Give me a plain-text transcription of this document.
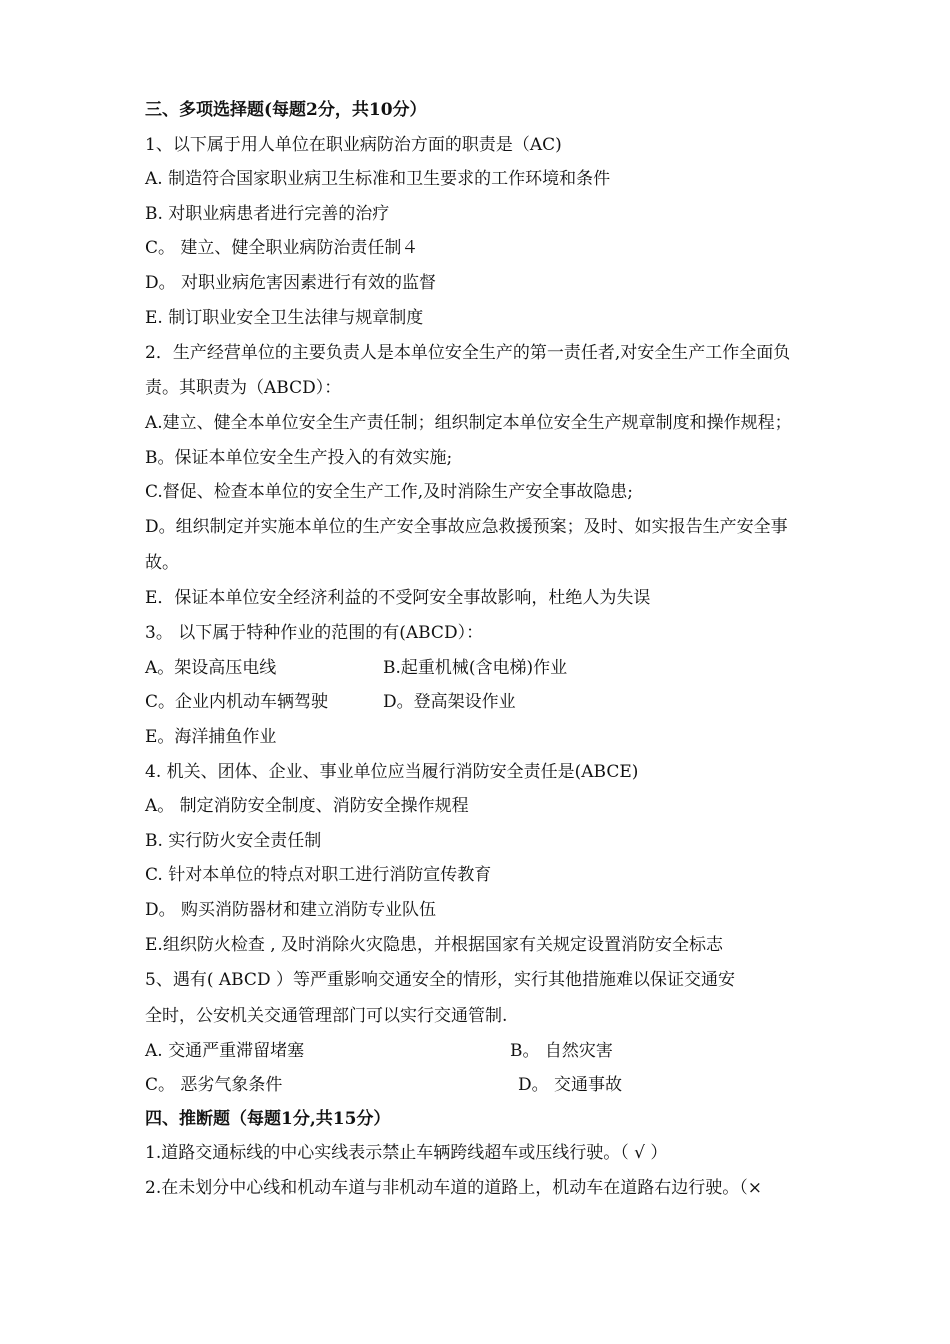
三、多项选择题(每题2分，共10分）
1、以下属于用人单位在职业病防治方面的职责是（AC)
A. 制造符合国家职业病卫生标准和卫生要求的工作环境和条件
B. 对职业病患者进行完善的治疗
C。 建立、健全职业病防治责任制４
D。 对职业病危害因素进行有效的监督
E. 制订职业安全卫生法律与规章制度
2．生产经营单位的主要负责人是本单位安全生产的第一责任者,对安全生产工作全面负
责。其职责为（ABCD）：
A.建立、健全本单位安全生产责任制；组织制定本单位安全生产规章制度和操作规程；
B。保证本单位安全生产投入的有效实施;
C.督促、检查本单位的安全生产工作,及时消除生产安全事故隐患;
D。组织制定并实施本单位的生产安全事故应急救援预案；及时、如实报告生产安全事
故。
E．保证本单位安全经济利益的不受阿安全事故影响，杜绝人为失误
3。 以下属于特种作业的范围的有(ABCD）：
A。架设高压电线	B.起重机械(含电梯)作业
C。企业内机动车辆驾驶	D。登高架设作业
E。海洋捕鱼作业
4. 机关、团体、企业、事业单位应当履行消防安全责任是(ABCE)
A。 制定消防安全制度、消防安全操作规程
B. 实行防火安全责任制
C. 针对本单位的特点对职工进行消防宣传教育
D。 购买消防器材和建立消防专业队伍
E.组织防火检查 , 及时消除火灾隐患，并根据国家有关规定设置消防安全标志
5、遇有( ABCD ）等严重影响交通安全的情形，实行其他措施难以保证交通安
全时，公安机关交通管理部门可以实行交通管制.
A. 交通严重滞留堵塞	B。 自然灾害
C。 恶劣气象条件	D。 交通事故
四、推断题（每题1分,共15分）
1.道路交通标线的中心实线表示禁止车辆跨线超车或压线行驶。（ √ ）
2.在未划分中心线和机动车道与非机动车道的道路上，机动车在道路右边行驶。（×
